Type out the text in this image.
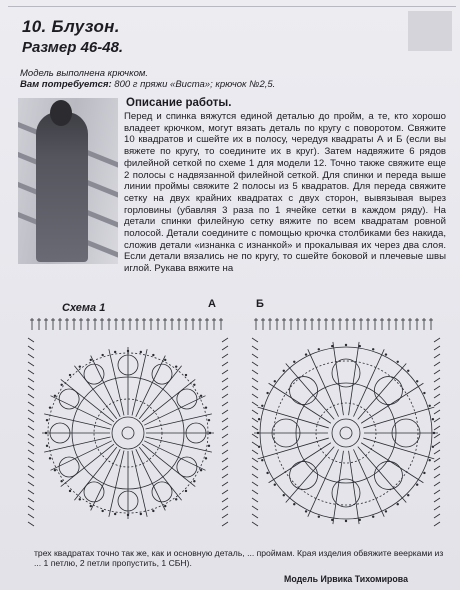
10. Блузон.
Размер 46-48.
Модель выполнена крючком.
Вам потребуется: 800 г пряжи «Виста»; крючок №2,5.
Описание работы.
Перед и спинка вяжутся единой деталью до пройм, а те, кто хорошо владеет крючком, могут вязать деталь по кругу с поворотом. Свяжите 10 квадратов и сшейте их в полосу, чередуя квадраты А и Б (если вы вяжете по кругу, то соедините их в круг). Затем надвяжите 6 рядов филейной сеткой по схеме 1 для модели 12. Точно также свяжите еще 2 полосы с надвязанной филейной сеткой. Для спинки и переда выше линии проймы свяжите 2 полосы из 5 квадратов. Для переда свяжите сетку на двух крайних квадратах с двух сторон, вывязывая вырез горловины (убавляя 3 раза по 1 ячейке сетки в каждом ряду). На детали спинки филейную сетку вяжите по всем квадратам ровной полосой. Детали соедините с помощью крючка столбиками без накида, сложив детали «изнанка с изнанкой» и прокалывая их через два слоя. Если детали вязались не по кругу, то сшейте боковой и плечевые швы иглой. Рукава вяжите на
Схема 1	А	Б
трех квадратах точно так же, как и основную деталь, ... проймам. Края изделия обвяжите веерками из ... 1 петлю, 2 петли пропустить, 1 СБН).
Модель Ирвика Тихомирова
